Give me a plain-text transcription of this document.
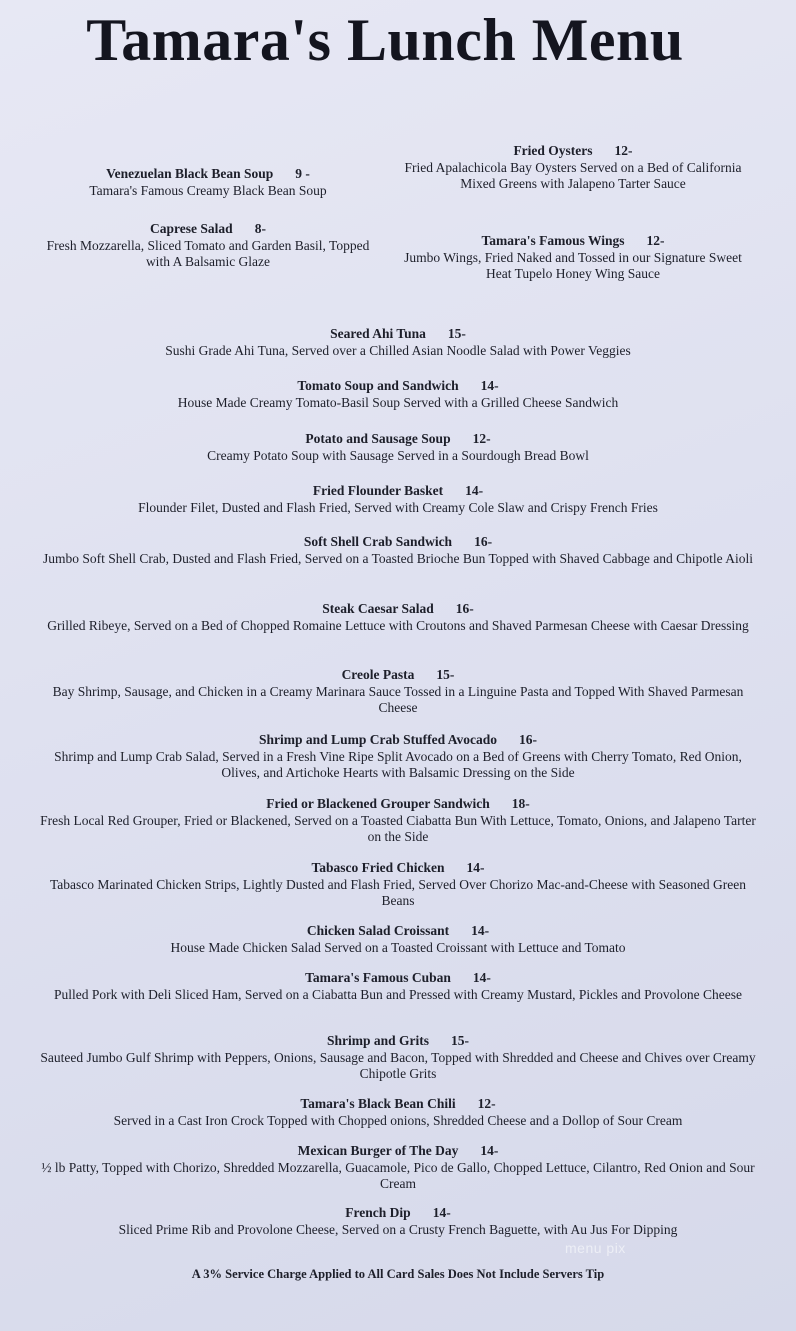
Tamara's Lunch Menu
Venezuelan Black Bean Soup 9 -
Tamara's Famous Creamy Black Bean Soup
Caprese Salad 8-
Fresh Mozzarella, Sliced Tomato and Garden Basil, Topped with A Balsamic Glaze
Fried Oysters 12-
Fried Apalachicola Bay Oysters Served on a Bed of California Mixed Greens with Jalapeno Tarter Sauce
Tamara's Famous Wings 12-
Jumbo Wings, Fried Naked and Tossed in our Signature Sweet Heat Tupelo Honey Wing Sauce
Seared Ahi Tuna 15-
Sushi Grade Ahi Tuna, Served over a Chilled Asian Noodle Salad with Power Veggies
Tomato Soup and Sandwich 14-
House Made Creamy Tomato-Basil Soup Served with a Grilled Cheese Sandwich
Potato and Sausage Soup 12-
Creamy Potato Soup with Sausage Served in a Sourdough Bread Bowl
Fried Flounder Basket 14-
Flounder Filet, Dusted and Flash Fried, Served with Creamy Cole Slaw and Crispy French Fries
Soft Shell Crab Sandwich 16-
Jumbo Soft Shell Crab, Dusted and Flash Fried, Served on a Toasted Brioche Bun Topped with Shaved Cabbage and Chipotle Aioli
Steak Caesar Salad 16-
Grilled Ribeye, Served on a Bed of Chopped Romaine Lettuce with Croutons and Shaved Parmesan Cheese with Caesar Dressing
Creole Pasta 15-
Bay Shrimp, Sausage, and Chicken in a Creamy Marinara Sauce Tossed in a Linguine Pasta and Topped With Shaved Parmesan Cheese
Shrimp and Lump Crab Stuffed Avocado 16-
Shrimp and Lump Crab Salad, Served in a Fresh Vine Ripe Split Avocado on a Bed of Greens with Cherry Tomato, Red Onion, Olives, and Artichoke Hearts with Balsamic Dressing on the Side
Fried or Blackened Grouper Sandwich 18-
Fresh Local Red Grouper, Fried or Blackened, Served on a Toasted Ciabatta Bun With Lettuce, Tomato, Onions, and Jalapeno Tarter on the Side
Tabasco Fried Chicken 14-
Tabasco Marinated Chicken Strips, Lightly Dusted and Flash Fried, Served Over Chorizo Mac-and-Cheese with Seasoned Green Beans
Chicken Salad Croissant 14-
House Made Chicken Salad Served on a Toasted Croissant with Lettuce and Tomato
Tamara's Famous Cuban 14-
Pulled Pork with Deli Sliced Ham, Served on a Ciabatta Bun and Pressed with Creamy Mustard, Pickles and Provolone Cheese
Shrimp and Grits 15-
Sauteed Jumbo Gulf Shrimp with Peppers, Onions, Sausage and Bacon, Topped with Shredded and Cheese and Chives over Creamy Chipotle Grits
Tamara's Black Bean Chili 12-
Served in a Cast Iron Crock Topped with Chopped onions, Shredded Cheese and a Dollop of Sour Cream
Mexican Burger of The Day 14-
½ lb Patty, Topped with Chorizo, Shredded Mozzarella, Guacamole, Pico de Gallo, Chopped Lettuce, Cilantro, Red Onion and Sour Cream
French Dip 14-
Sliced Prime Rib and Provolone Cheese, Served on a Crusty French Baguette, with Au Jus For Dipping
menu pix
A 3% Service Charge Applied to All Card Sales Does Not Include Servers Tip
